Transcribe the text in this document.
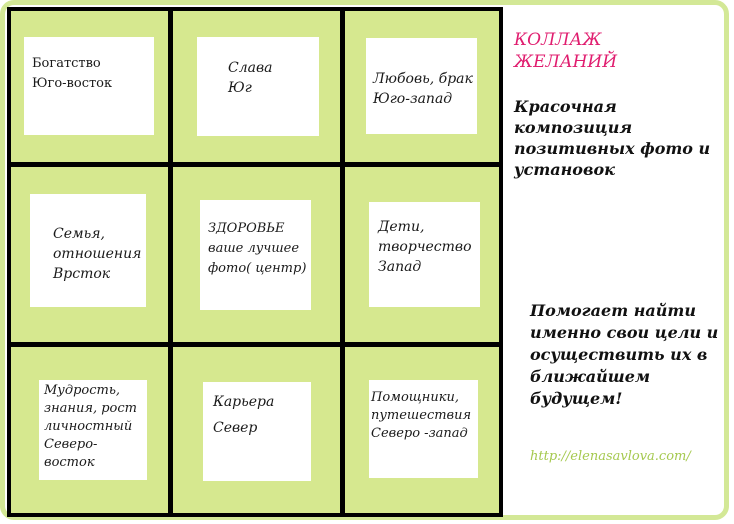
Богатство
Юго-восток
Слава
Юг
Любовь, брак
Юго-запад
Семья,
отношения
Врсток
ЗДОРОВЬЕ
ваше лучшее
фото( центр)
Дети,
творчество
Запад
Мудрость,
знания, рост
личностный
Северо-
восток
Карьера

Север
Помощники,
путешествия
Северо -запад
КОЛЛАЖ
ЖЕЛАНИЙ
Красочная
композиция
позитивных фото и
установок
Помогает найти
именно свои цели и
осуществить их в
ближайшем
будущем!
http://elenasavlova.com/
